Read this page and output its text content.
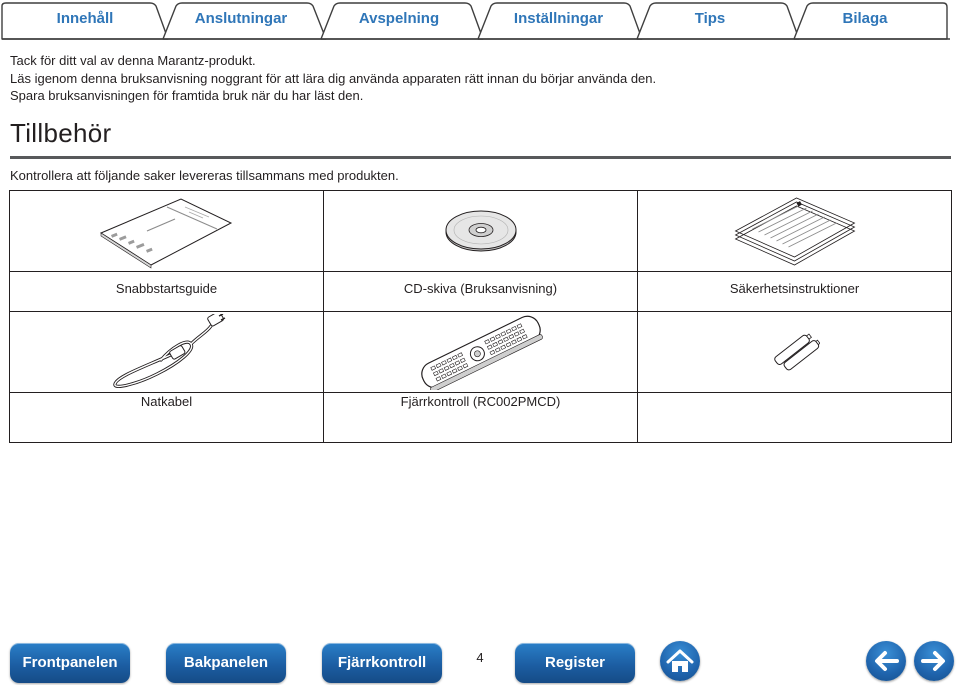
Innehåll	Anslutningar	Avspelning	Inställningar	Tips	Bilaga

Tack för ditt val av denna Marantz-produkt.

Läs igenom denna bruksanvisning noggrant för att lära dig använda apparaten rätt innan du börjar använda den.

Spara bruksanvisningen för framtida bruk när du har läst den.

Tillbehör

Kontrollera att följande saker levereras tillsammans med produkten.

Snabbstartsguide	CD-skiva (Bruksanvisning)	Säkerhetsinstruktioner

Natkabel	Fjärrkontroll (RC002PMCD)	

Frontpanelen	Bakpanelen	Fjärrkontroll	4	Register
